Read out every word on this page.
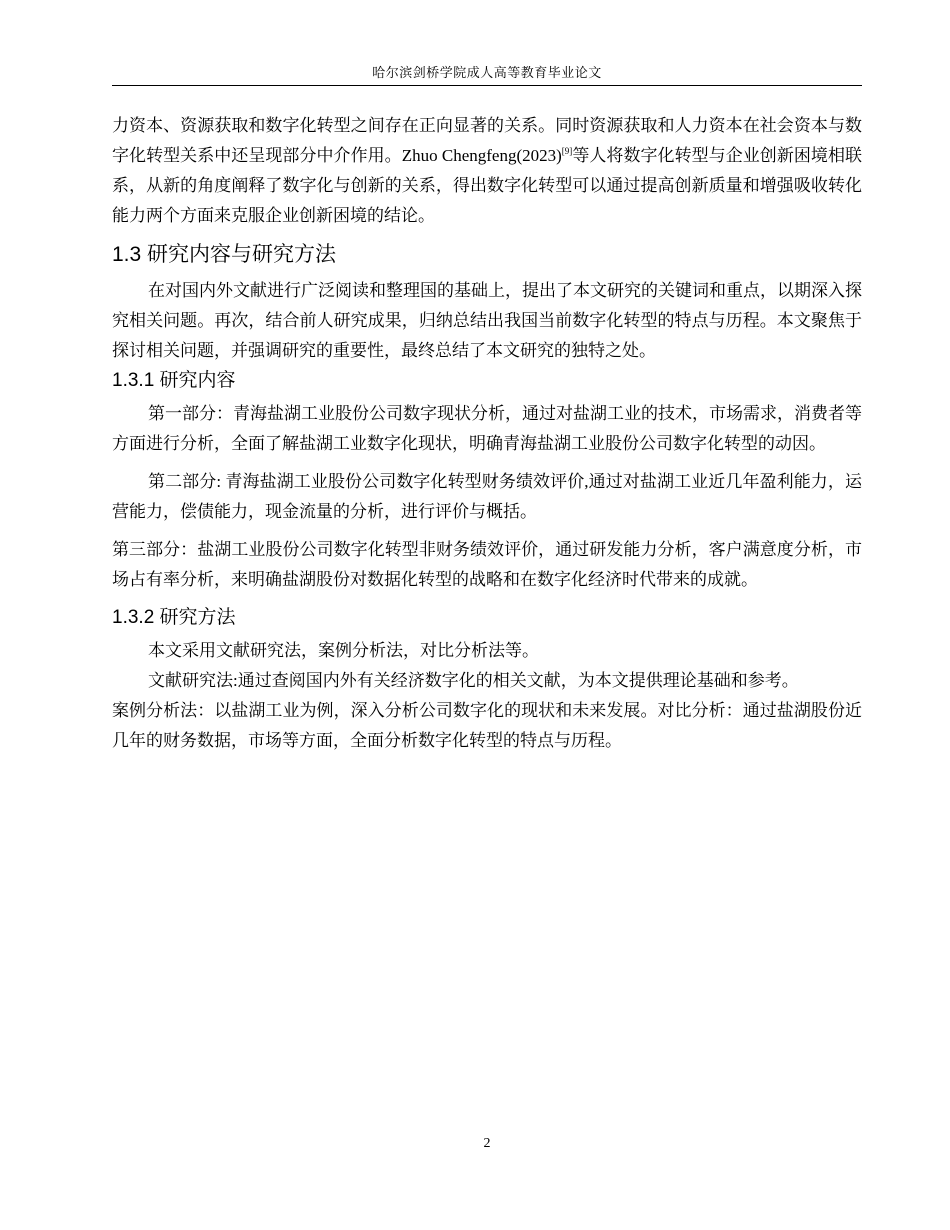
哈尔滨剑桥学院成人高等教育毕业论文

力资本、资源获取和数字化转型之间存在正向显著的关系。同时资源获取和人力资本在社会资本与数字化转型关系中还呈现部分中介作用。Zhuo Chengfeng(2023)[9]等人将数字化转型与企业创新困境相联系，从新的角度阐释了数字化与创新的关系，得出数字化转型可以通过提高创新质量和增强吸收转化能力两个方面来克服企业创新困境的结论。

1.3 研究内容与研究方法

在对国内外文献进行广泛阅读和整理国的基础上，提出了本文研究的关键词和重点，以期深入探究相关问题。再次，结合前人研究成果，归纳总结出我国当前数字化转型的特点与历程。本文聚焦于探讨相关问题，并强调研究的重要性，最终总结了本文研究的独特之处。

1.3.1 研究内容

第一部分：青海盐湖工业股份公司数字现状分析，通过对盐湖工业的技术，市场需求，消费者等方面进行分析，全面了解盐湖工业数字化现状，明确青海盐湖工业股份公司数字化转型的动因。

第二部分: 青海盐湖工业股份公司数字化转型财务绩效评价,通过对盐湖工业近几年盈利能力，运营能力，偿债能力，现金流量的分析，进行评价与概括。

第三部分：盐湖工业股份公司数字化转型非财务绩效评价，通过研发能力分析，客户满意度分析，市场占有率分析，来明确盐湖股份对数据化转型的战略和在数字化经济时代带来的成就。

1.3.2 研究方法

本文采用文献研究法，案例分析法，对比分析法等。

文献研究法:通过查阅国内外有关经济数字化的相关文献，为本文提供理论基础和参考。

案例分析法：以盐湖工业为例，深入分析公司数字化的现状和未来发展。对比分析：通过盐湖股份近几年的财务数据，市场等方面，全面分析数字化转型的特点与历程。

2
